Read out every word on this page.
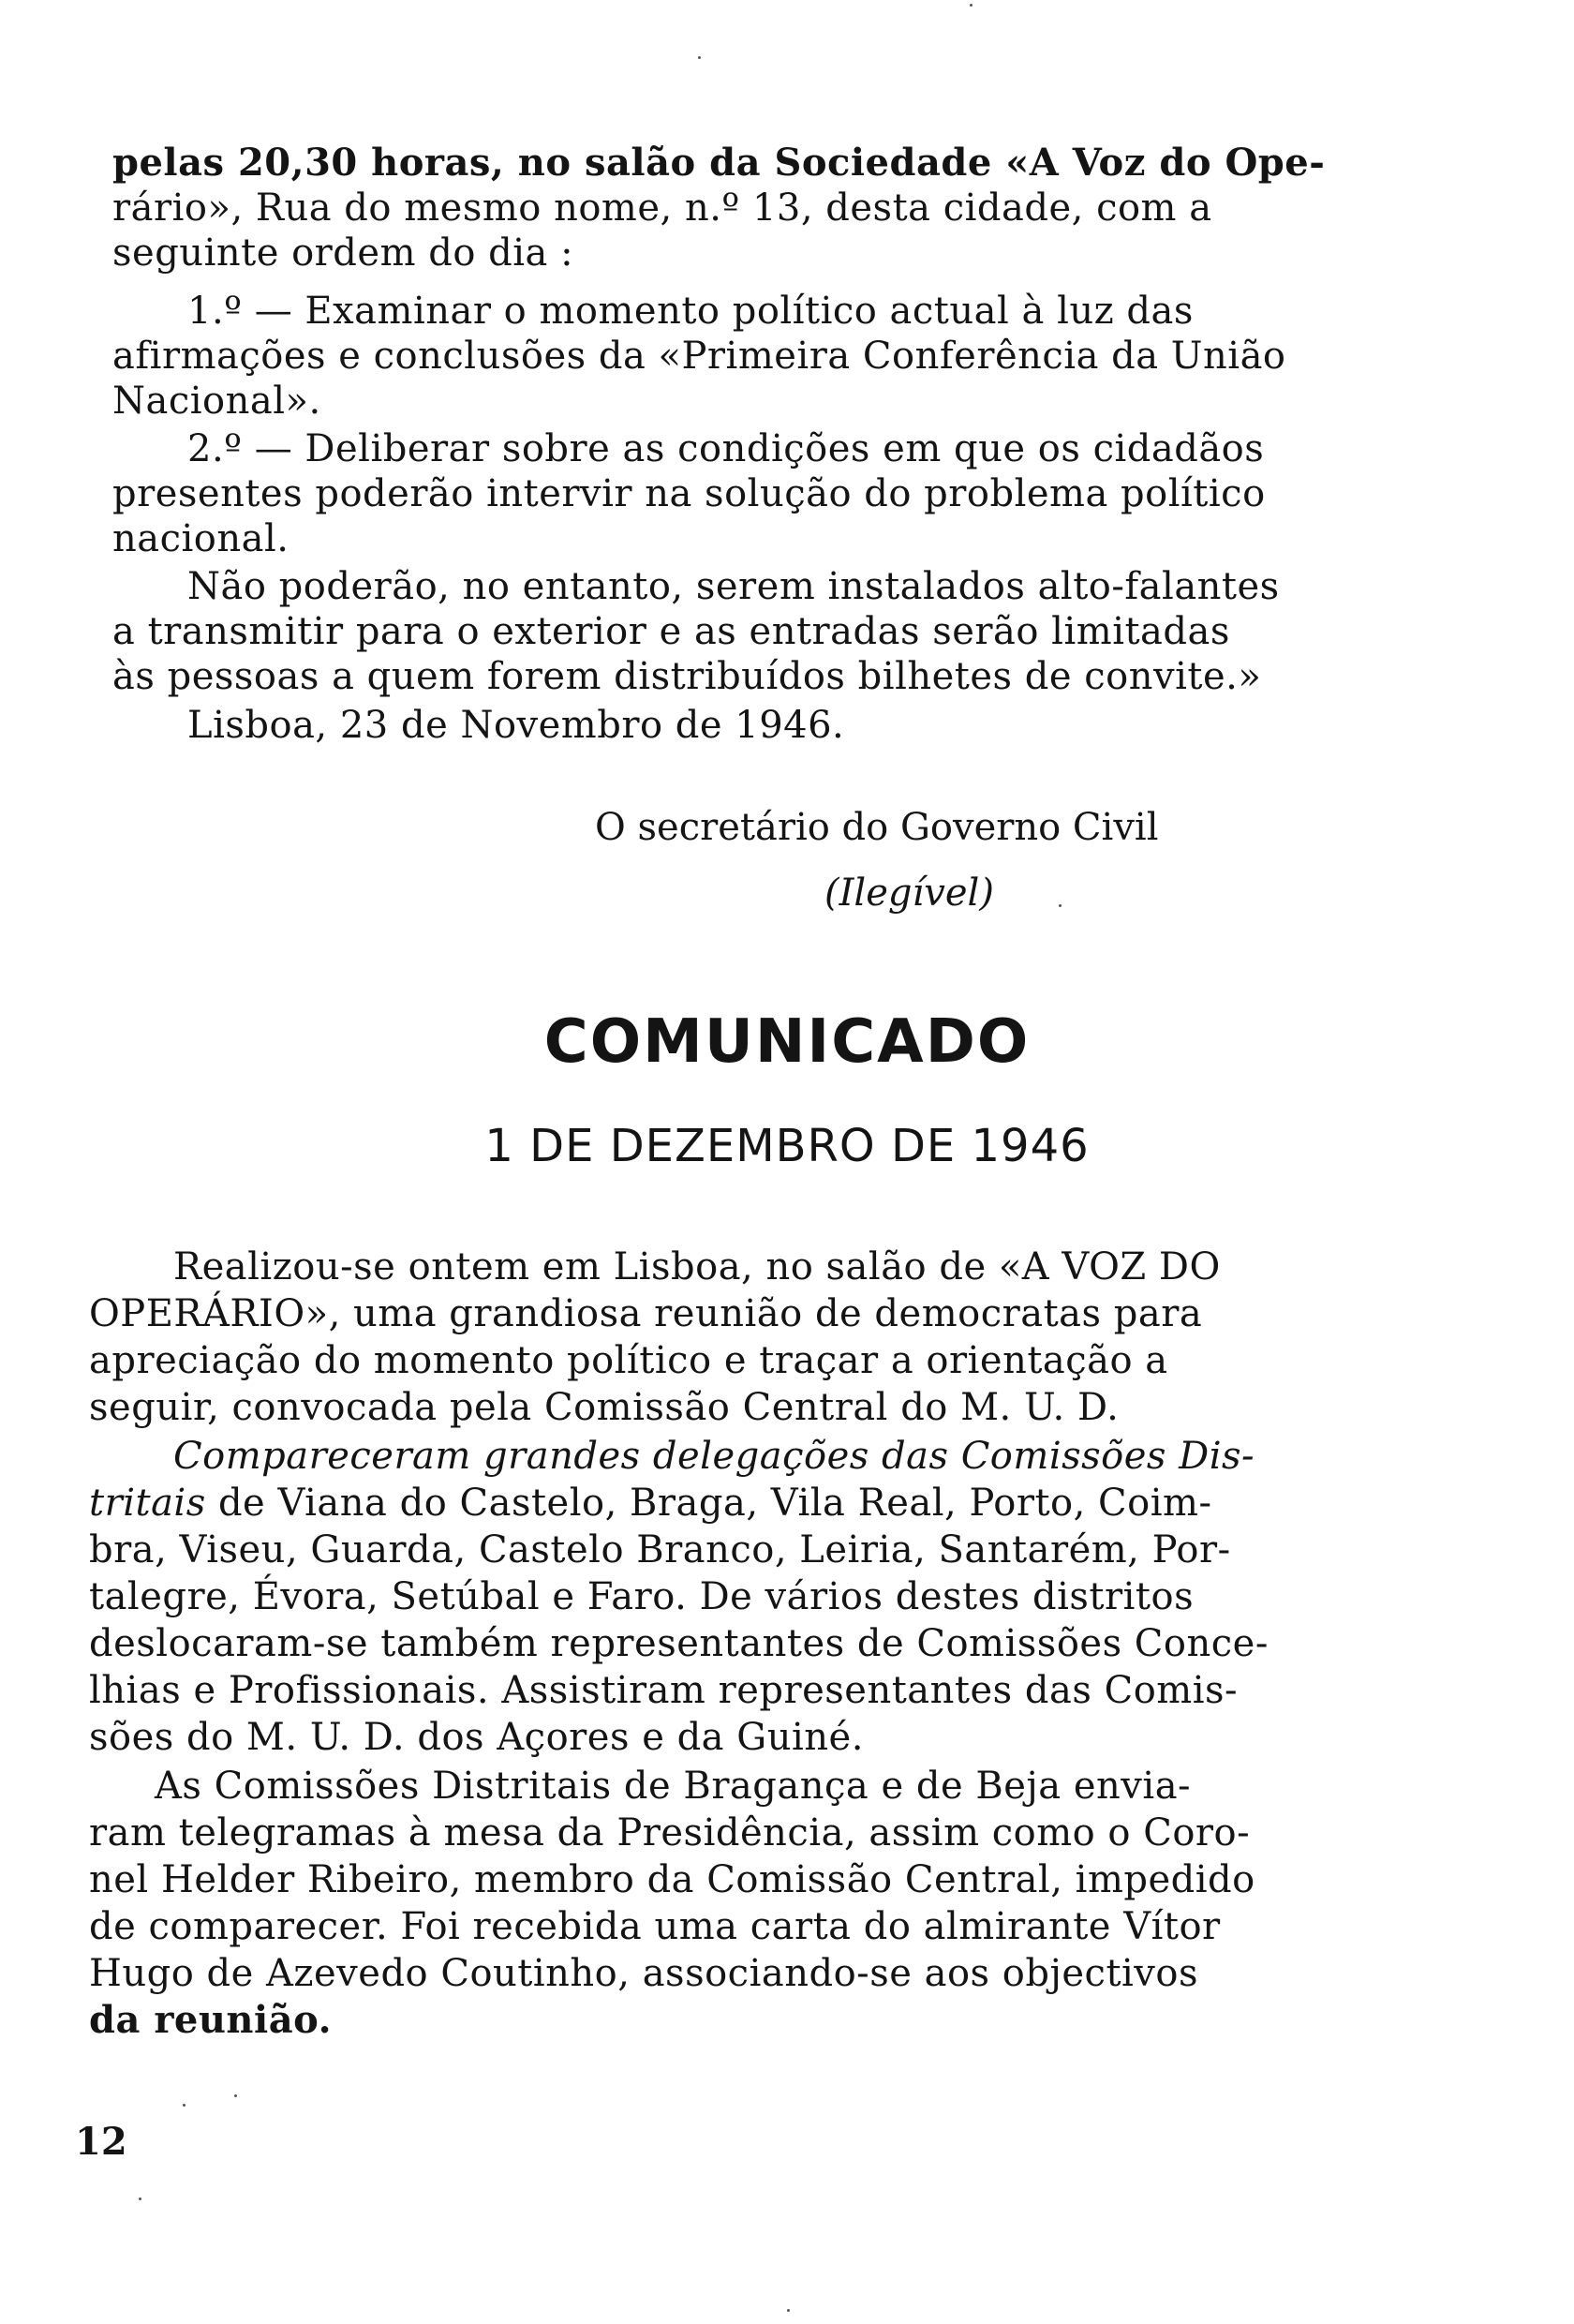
pelas 20,30 horas, no salão da Sociedade «A Voz do Ope-
rário», Rua do mesmo nome, n.º 13, desta cidade, com a
seguinte ordem do dia :
1.º — Examinar o momento político actual à luz das
afirmações e conclusões da «Primeira Conferência da União
Nacional».
2.º — Deliberar sobre as condições em que os cidadãos
presentes poderão intervir na solução do problema político
nacional.
Não poderão, no entanto, serem instalados alto-falantes
a transmitir para o exterior e as entradas serão limitadas
às pessoas a quem forem distribuídos bilhetes de convite.»
Lisboa, 23 de Novembro de 1946.
O secretário do Governo Civil
(Ilegível)
COMUNICADO
1 DE DEZEMBRO DE 1946
Realizou-se ontem em Lisboa, no salão de «A VOZ DO
OPERÁRIO», uma grandiosa reunião de democratas para
apreciação do momento político e traçar a orientação a
seguir, convocada pela Comissão Central do M. U. D.
Compareceram grandes delegações das Comissões Dis-
tritais de Viana do Castelo, Braga, Vila Real, Porto, Coim-
bra, Viseu, Guarda, Castelo Branco, Leiria, Santarém, Por-
talegre, Évora, Setúbal e Faro. De vários destes distritos
deslocaram-se também representantes de Comissões Conce-
lhias e Profissionais. Assistiram representantes das Comis-
sões do M. U. D. dos Açores e da Guiné.
As Comissões Distritais de Bragança e de Beja envia-
ram telegramas à mesa da Presidência, assim como o Coro-
nel Helder Ribeiro, membro da Comissão Central, impedido
de comparecer. Foi recebida uma carta do almirante Vítor
Hugo de Azevedo Coutinho, associando-se aos objectivos
da reunião.
12
